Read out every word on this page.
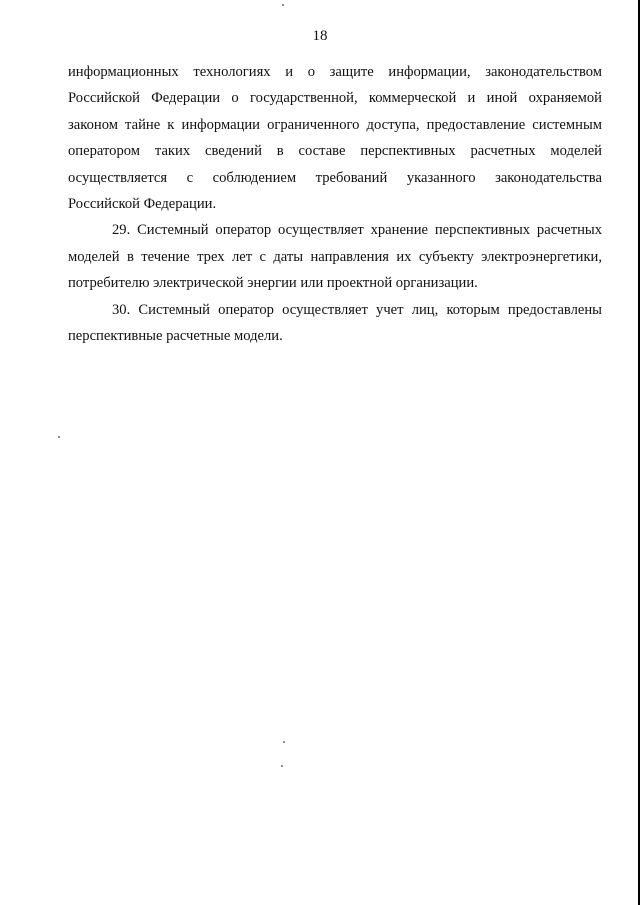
18

информационных технологиях и о защите информации, законодательством
Российской Федерации о государственной, коммерческой и иной охраняемой
законом тайне к информации ограниченного доступа, предоставление системным
оператором таких сведений в составе перспективных расчетных моделей
осуществляется с соблюдением требований указанного законодательства
Российской Федерации.

29. Системный оператор осуществляет хранение перспективных расчетных
моделей в течение трех лет с даты направления их субъекту электроэнергетики,
потребителю электрической энергии или проектной организации.

30. Системный оператор осуществляет учет лиц, которым предоставлены
перспективные расчетные модели.
